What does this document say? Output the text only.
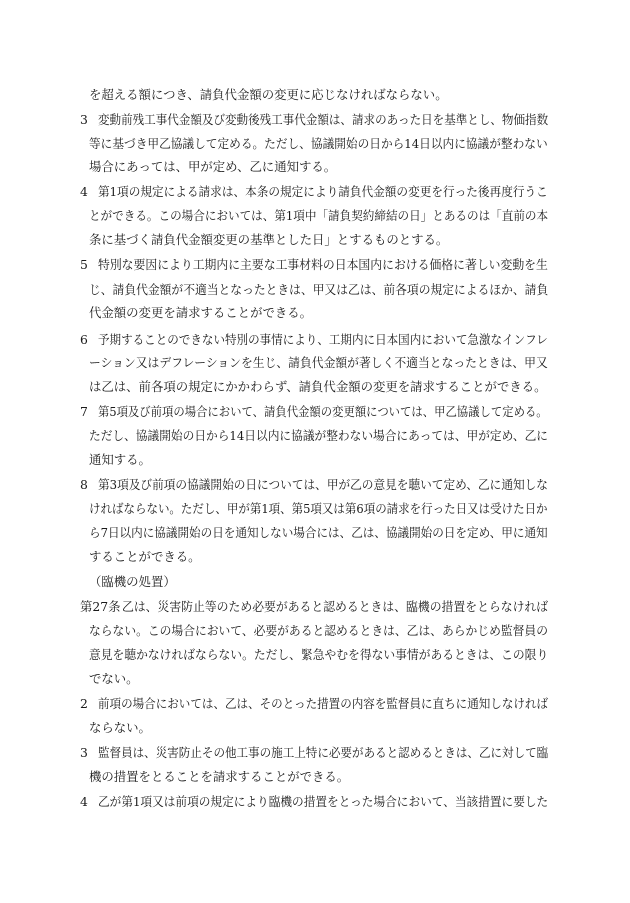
を超える額につき、請負代金額の変更に応じなければならない。
3 変動前残工事代金額及び変動後残工事代金額は、請求のあった日を基準とし、物価指数
等に基づき甲乙協議して定める。ただし、協議開始の日から14日以内に協議が整わない
場合にあっては、甲が定め、乙に通知する。
4 第1項の規定による請求は、本条の規定により請負代金額の変更を行った後再度行うこ
とができる。この場合においては、第1項中「請負契約締結の日」とあるのは「直前の本
条に基づく請負代金額変更の基準とした日」とするものとする。
5 特別な要因により工期内に主要な工事材料の日本国内における価格に著しい変動を生
じ、請負代金額が不適当となったときは、甲又は乙は、前各項の規定によるほか、請負
代金額の変更を請求することができる。
6 予期することのできない特別の事情により、工期内に日本国内において急激なインフレ
ーション又はデフレーションを生じ、請負代金額が著しく不適当となったときは、甲又
は乙は、前各項の規定にかかわらず、請負代金額の変更を請求することができる。
7 第5項及び前項の場合において、請負代金額の変更額については、甲乙協議して定める。
ただし、協議開始の日から14日以内に協議が整わない場合にあっては、甲が定め、乙に
通知する。
8 第3項及び前項の協議開始の日については、甲が乙の意見を聴いて定め、乙に通知しな
ければならない。ただし、甲が第1項、第5項又は第6項の請求を行った日又は受けた日か
ら7日以内に協議開始の日を通知しない場合には、乙は、協議開始の日を定め、甲に通知
することができる。
（臨機の処置）
第27条 乙は、災害防止等のため必要があると認めるときは、臨機の措置をとらなければ
ならない。この場合において、必要があると認めるときは、乙は、あらかじめ監督員の
意見を聴かなければならない。ただし、緊急やむを得ない事情があるときは、この限り
でない。
2 前項の場合においては、乙は、そのとった措置の内容を監督員に直ちに通知しなければ
ならない。
3 監督員は、災害防止その他工事の施工上特に必要があると認めるときは、乙に対して臨
機の措置をとることを請求することができる。
4 乙が第1項又は前項の規定により臨機の措置をとった場合において、当該措置に要した
